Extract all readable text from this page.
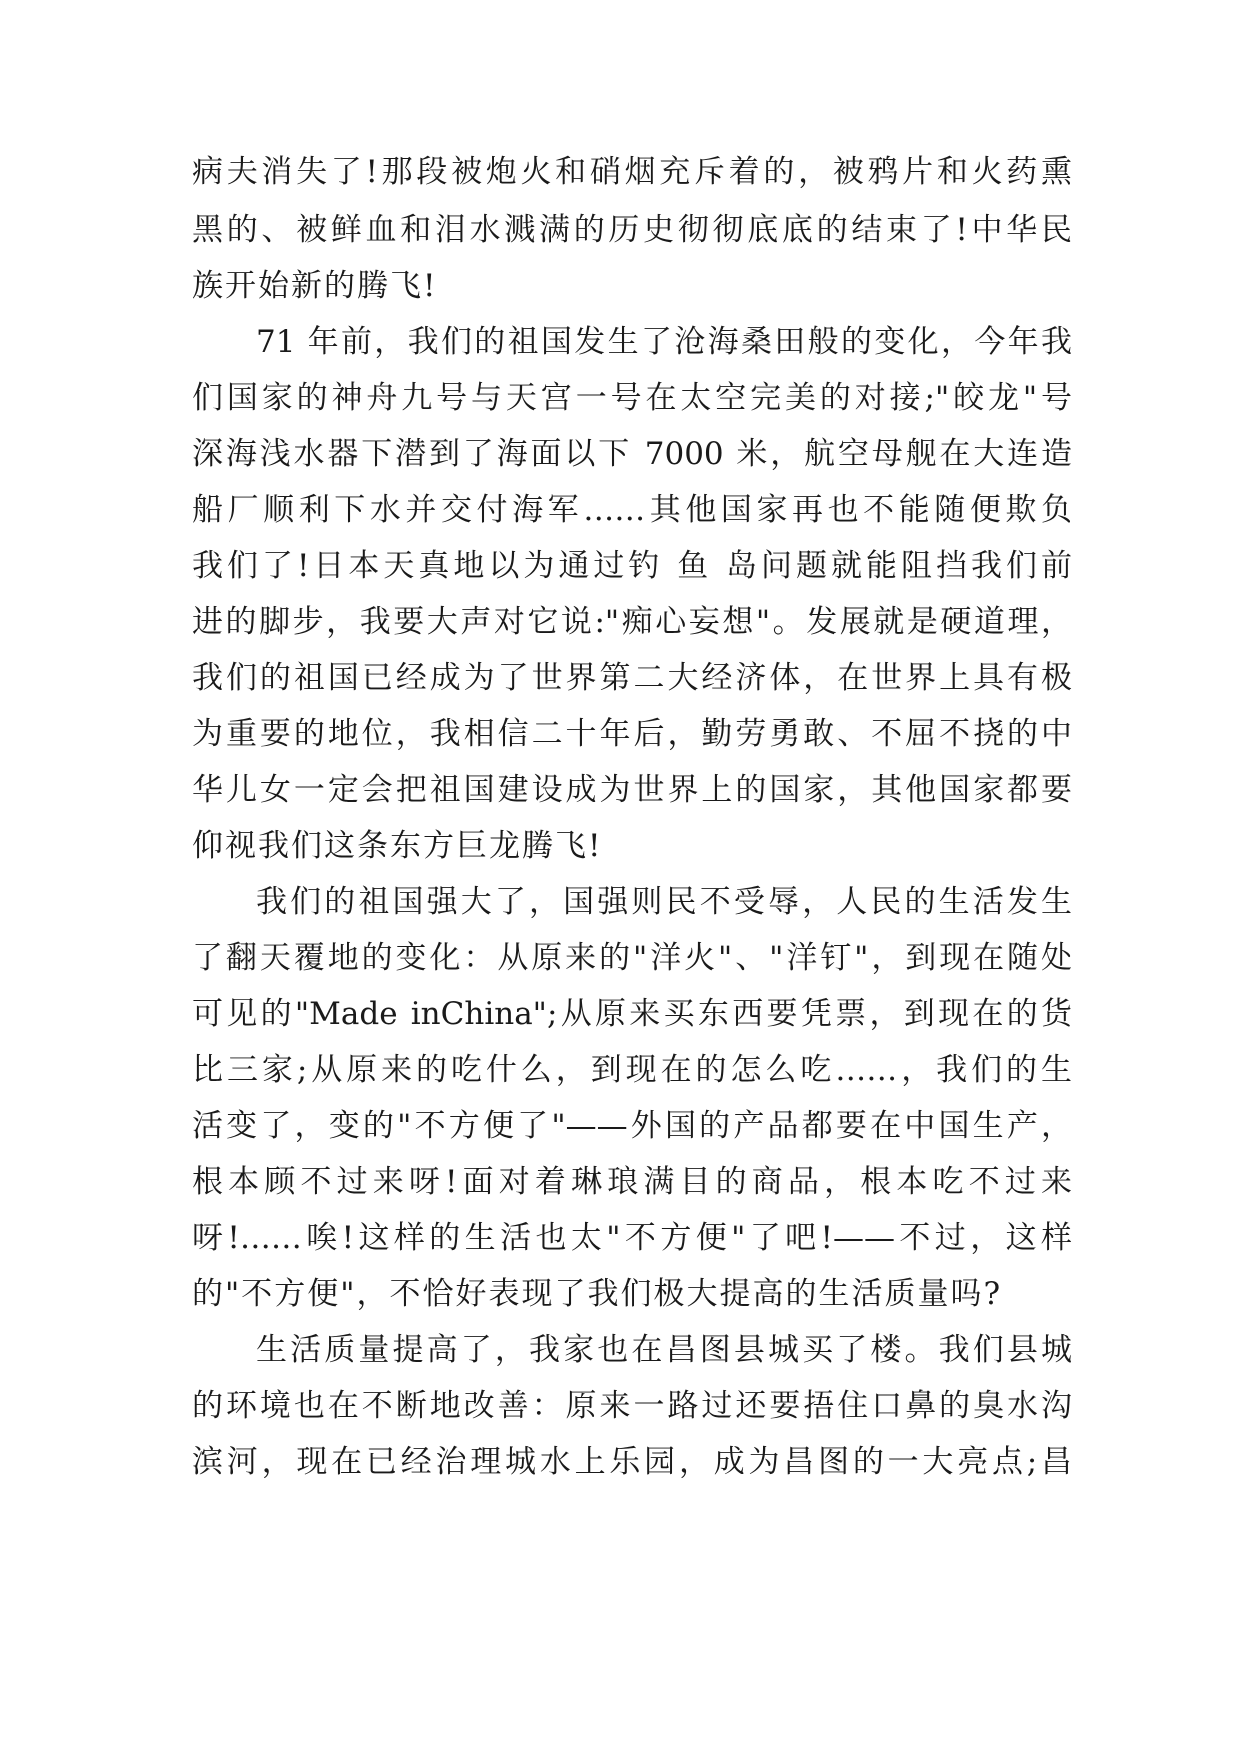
病夫消失了!那段被炮火和硝烟充斥着的，被鸦片和火药熏
黑的、被鲜血和泪水溅满的历史彻彻底底的结束了!中华民
族开始新的腾飞!
71 年前，我们的祖国发生了沧海桑田般的变化，今年我
们国家的神舟九号与天宫一号在太空完美的对接;"皎龙"号
深海浅水器下潜到了海面以下 7000 米，航空母舰在大连造
船厂顺利下水并交付海军……其他国家再也不能随便欺负
我们了!日本天真地以为通过钓 鱼 岛问题就能阻挡我们前
进的脚步，我要大声对它说:"痴心妄想"。发展就是硬道理，
我们的祖国已经成为了世界第二大经济体，在世界上具有极
为重要的地位，我相信二十年后，勤劳勇敢、不屈不挠的中
华儿女一定会把祖国建设成为世界上的国家，其他国家都要
仰视我们这条东方巨龙腾飞!
我们的祖国强大了，国强则民不受辱，人民的生活发生
了翻天覆地的变化：从原来的"洋火"、"洋钉"，到现在随处
可见的"Made inChina";从原来买东西要凭票，到现在的货
比三家;从原来的吃什么，到现在的怎么吃……，我们的生
活变了，变的"不方便了"——外国的产品都要在中国生产，
根本顾不过来呀!面对着琳琅满目的商品，根本吃不过来
呀!……唉!这样的生活也太"不方便"了吧!——不过，这样
的"不方便"，不恰好表现了我们极大提高的生活质量吗?
生活质量提高了，我家也在昌图县城买了楼。我们县城
的环境也在不断地改善：原来一路过还要捂住口鼻的臭水沟
滨河，现在已经治理城水上乐园，成为昌图的一大亮点;昌
